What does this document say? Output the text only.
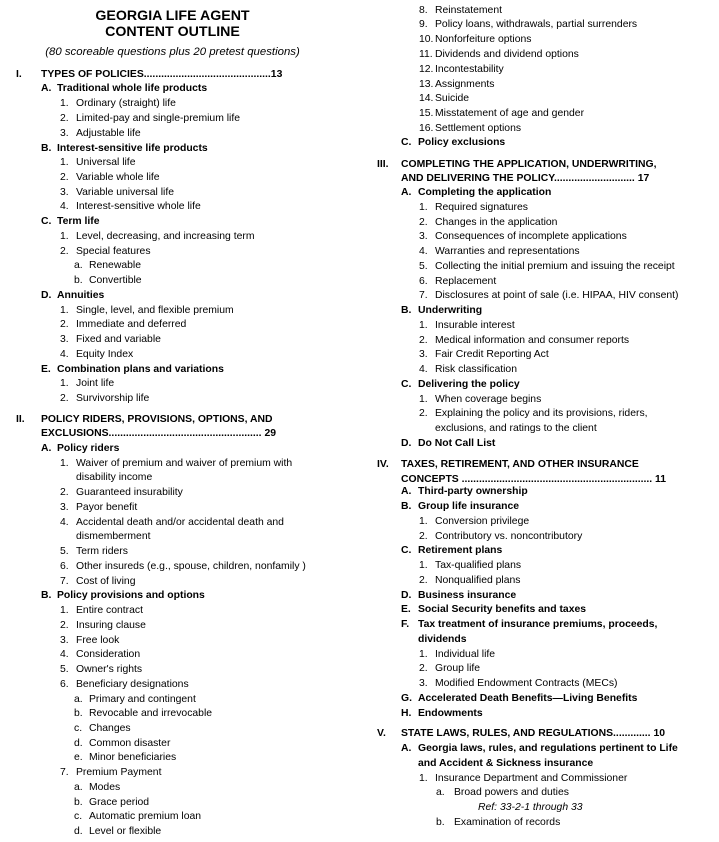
GEORGIA LIFE AGENT
CONTENT OUTLINE
(80 scoreable questions plus 20 pretest questions)
I. TYPES OF POLICIES............................................13
A. Traditional whole life products
1. Ordinary (straight) life
2. Limited-pay and single-premium life
3. Adjustable life
B. Interest-sensitive life products
1. Universal life
2. Variable whole life
3. Variable universal life
4. Interest-sensitive whole life
C. Term life
1. Level, decreasing, and increasing term
2. Special features
a. Renewable
b. Convertible
D. Annuities
1. Single, level, and flexible premium
2. Immediate and deferred
3. Fixed and variable
4. Equity Index
E. Combination plans and variations
1. Joint life
2. Survivorship life
II. POLICY RIDERS, PROVISIONS, OPTIONS, AND
EXCLUSIONS..................................................... 29
A. Policy riders
1. Waiver of premium and waiver of premium with
disability income
2. Guaranteed insurability
3. Payor benefit
4. Accidental death and/or accidental death and
dismemberment
5. Term riders
6. Other insureds (e.g., spouse, children, nonfamily )
7. Cost of living
B. Policy provisions and options
1. Entire contract
2. Insuring clause
3. Free look
4. Consideration
5. Owner's rights
6. Beneficiary designations
a. Primary and contingent
b. Revocable and irrevocable
c. Changes
d. Common disaster
e. Minor beneficiaries
7. Premium Payment
a. Modes
b. Grace period
c. Automatic premium loan
d. Level or flexible
8. Reinstatement
9. Policy loans, withdrawals, partial surrenders
10. Nonforfeiture options
11. Dividends and dividend options
12. Incontestability
13. Assignments
14. Suicide
15. Misstatement of age and gender
16. Settlement options
C. Policy exclusions
III. COMPLETING THE APPLICATION, UNDERWRITING,
AND DELIVERING THE POLICY............................ 17
A. Completing the application
1. Required signatures
2. Changes in the application
3. Consequences of incomplete applications
4. Warranties and representations
5. Collecting the initial premium and issuing the receipt
6. Replacement
7. Disclosures at point of sale (i.e. HIPAA, HIV consent)
B. Underwriting
1. Insurable interest
2. Medical information and consumer reports
3. Fair Credit Reporting Act
4. Risk classification
C. Delivering the policy
1. When coverage begins
2. Explaining the policy and its provisions, riders,
exclusions, and ratings to the client
D. Do Not Call List
IV. TAXES, RETIREMENT, AND OTHER INSURANCE
CONCEPTS .................................................................. 11
A. Third-party ownership
B. Group life insurance
1. Conversion privilege
2. Contributory vs. noncontributory
C. Retirement plans
1. Tax-qualified plans
2. Nonqualified plans
D. Business insurance
E. Social Security benefits and taxes
F. Tax treatment of insurance premiums, proceeds,
dividends
1. Individual life
2. Group life
3. Modified Endowment Contracts (MECs)
G. Accelerated Death Benefits—Living Benefits
H. Endowments
V. STATE LAWS, RULES, AND REGULATIONS............. 10
A. Georgia laws, rules, and regulations pertinent to Life
and Accident & Sickness insurance
1. Insurance Department and Commissioner
a. Broad powers and duties
Ref: 33-2-1 through 33
b. Examination of records
